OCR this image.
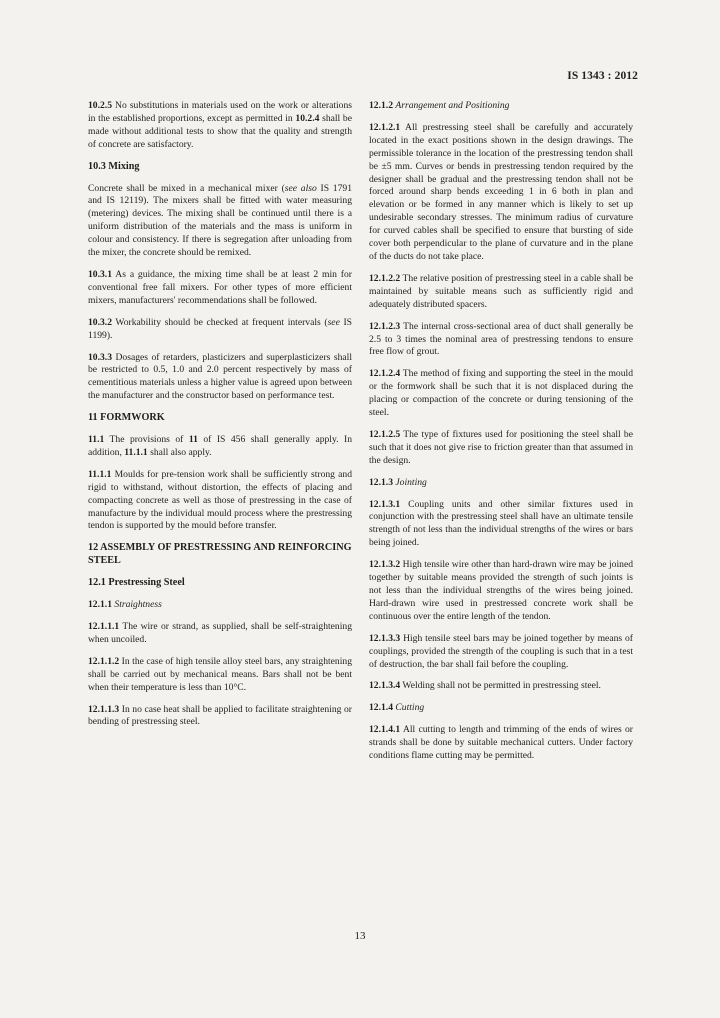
IS 1343 : 2012

10.2.5 No substitutions in materials used on the work or alterations in the established proportions, except as permitted in 10.2.4 shall be made without additional tests to show that the quality and strength of concrete are satisfactory.

10.3 Mixing

Concrete shall be mixed in a mechanical mixer (see also IS 1791 and IS 12119). The mixers shall be fitted with water measuring (metering) devices. The mixing shall be continued until there is a uniform distribution of the materials and the mass is uniform in colour and consistency. If there is segregation after unloading from the mixer, the concrete should be remixed.

10.3.1 As a guidance, the mixing time shall be at least 2 min for conventional free fall mixers. For other types of more efficient mixers, manufacturers' recommendations shall be followed.

10.3.2 Workability should be checked at frequent intervals (see IS 1199).

10.3.3 Dosages of retarders, plasticizers and superplasticizers shall be restricted to 0.5, 1.0 and 2.0 percent respectively by mass of cementitious materials unless a higher value is agreed upon between the manufacturer and the constructor based on performance test.

11 FORMWORK

11.1 The provisions of 11 of IS 456 shall generally apply. In addition, 11.1.1 shall also apply.

11.1.1 Moulds for pre-tension work shall be sufficiently strong and rigid to withstand, without distortion, the effects of placing and compacting concrete as well as those of prestressing in the case of manufacture by the individual mould process where the prestressing tendon is supported by the mould before transfer.

12 ASSEMBLY OF PRESTRESSING AND REINFORCING STEEL
12.1 Prestressing Steel

12.1.1 Straightness

12.1.1.1 The wire or strand, as supplied, shall be self-straightening when uncoiled.

12.1.1.2 In the case of high tensile alloy steel bars, any straightening shall be carried out by mechanical means. Bars shall not be bent when their temperature is less than 10°C.

12.1.1.3 In no case heat shall be applied to facilitate straightening or bending of prestressing steel.

12.1.2 Arrangement and Positioning

12.1.2.1 All prestressing steel shall be carefully and accurately located in the exact positions shown in the design drawings. The permissible tolerance in the location of the prestressing tendon shall be ±5 mm. Curves or bends in prestressing tendon required by the designer shall be gradual and the prestressing tendon shall not be forced around sharp bends exceeding 1 in 6 both in plan and elevation or be formed in any manner which is likely to set up undesirable secondary stresses. The minimum radius of curvature for curved cables shall be specified to ensure that bursting of side cover both perpendicular to the plane of curvature and in the plane of the ducts do not take place.

12.1.2.2 The relative position of prestressing steel in a cable shall be maintained by suitable means such as sufficiently rigid and adequately distributed spacers.

12.1.2.3 The internal cross-sectional area of duct shall generally be 2.5 to 3 times the nominal area of prestressing tendons to ensure free flow of grout.

12.1.2.4 The method of fixing and supporting the steel in the mould or the formwork shall be such that it is not displaced during the placing or compaction of the concrete or during tensioning of the steel.

12.1.2.5 The type of fixtures used for positioning the steel shall be such that it does not give rise to friction greater than that assumed in the design.

12.1.3 Jointing

12.1.3.1 Coupling units and other similar fixtures used in conjunction with the prestressing steel shall have an ultimate tensile strength of not less than the individual strengths of the wires or bars being joined.

12.1.3.2 High tensile wire other than hard-drawn wire may be joined together by suitable means provided the strength of such joints is not less than the individual strengths of the wires being joined. Hard-drawn wire used in prestressed concrete work shall be continuous over the entire length of the tendon.

12.1.3.3 High tensile steel bars may be joined together by means of couplings, provided the strength of the coupling is such that in a test of destruction, the bar shall fail before the coupling.

12.1.3.4 Welding shall not be permitted in prestressing steel.

12.1.4 Cutting

12.1.4.1 All cutting to length and trimming of the ends of wires or strands shall be done by suitable mechanical cutters. Under factory conditions flame cutting may be permitted.

13
